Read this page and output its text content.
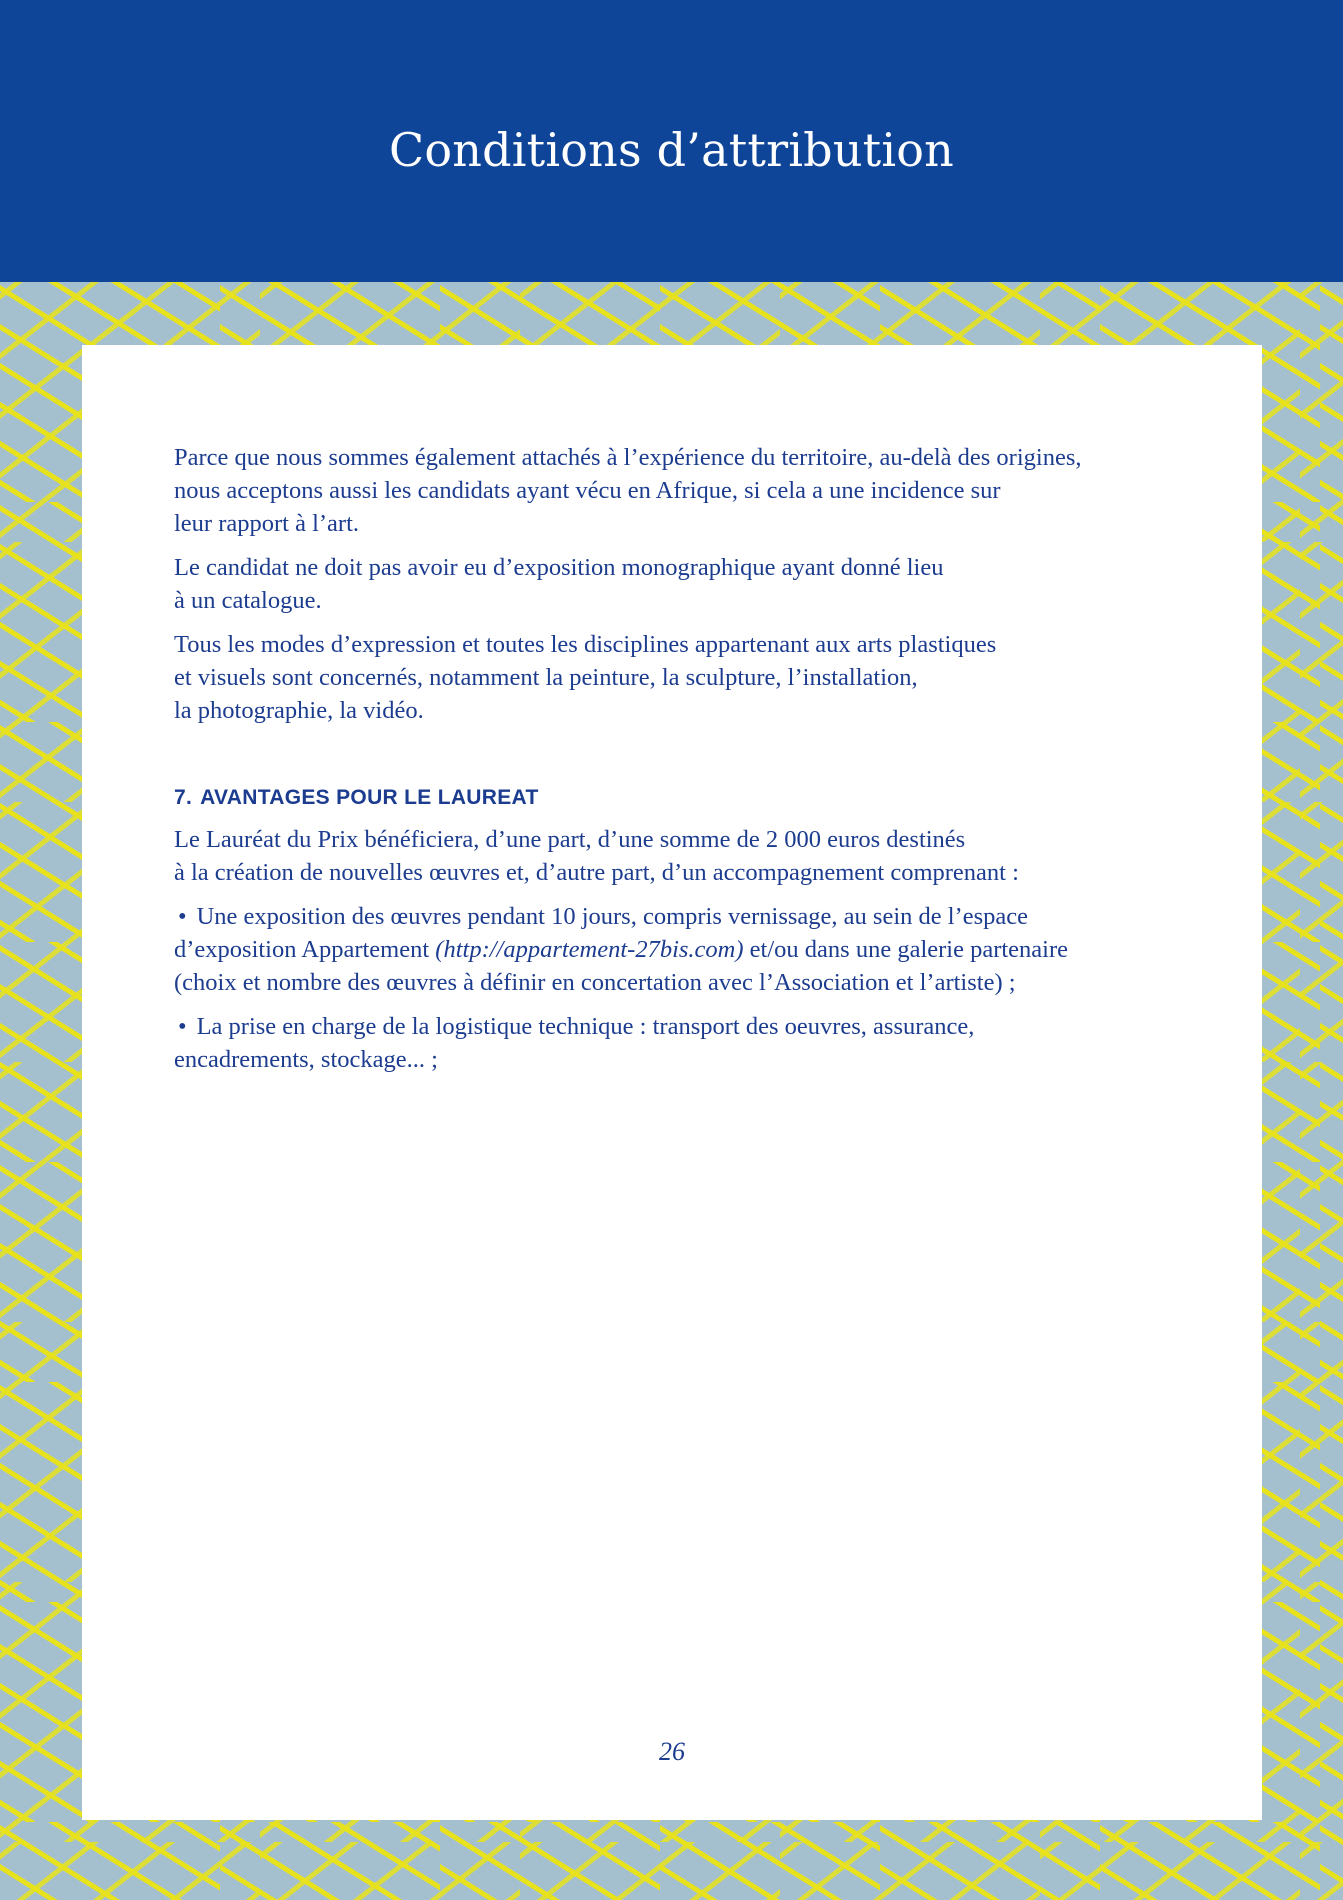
Conditions d’attribution

Parce que nous sommes également attachés à l’expérience du territoire, au-delà des origines,
nous acceptons aussi les candidats ayant vécu en Afrique, si cela a une incidence sur
leur rapport à l’art.

Le candidat ne doit pas avoir eu d’exposition monographique ayant donné lieu
à un catalogue.

Tous les modes d’expression et toutes les disciplines appartenant aux arts plastiques
et visuels sont concernés, notamment la peinture, la sculpture, l’installation,
la photographie, la vidéo.

7. AVANTAGES POUR LE LAUREAT

Le Lauréat du Prix bénéficiera, d’une part, d’une somme de 2 000 euros destinés
à la création de nouvelles œuvres et, d’autre part, d’un accompagnement comprenant :

• Une exposition des œuvres pendant 10 jours, compris vernissage, au sein de l’espace
d’exposition Appartement (http://appartement-27bis.com) et/ou dans une galerie partenaire
(choix et nombre des œuvres à définir en concertation avec l’Association et l’artiste) ;

• La prise en charge de la logistique technique : transport des oeuvres, assurance,
encadrements, stockage... ;

26
